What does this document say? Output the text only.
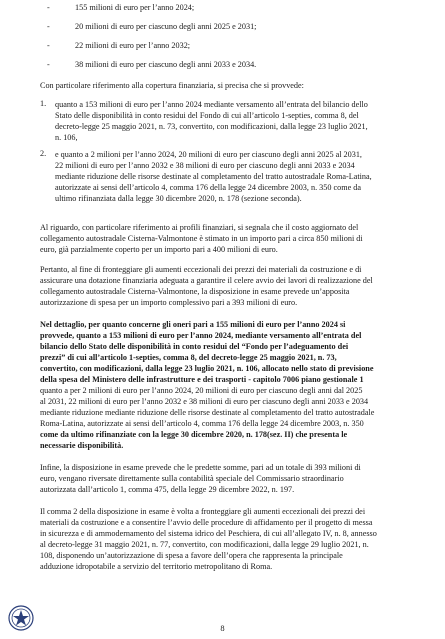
-	155 milioni di euro per l’anno 2024;
-	20 milioni di euro per ciascuno degli anni 2025 e 2031;
-	22 milioni di euro per l’anno 2032;
-	38 milioni di euro per ciascuno degli anni 2033 e 2034.
Con particolare riferimento alla copertura finanziaria, si precisa che si provvede:
1. quanto a 153 milioni di euro per l’anno 2024 mediante versamento all’entrata del bilancio dello
Stato delle disponibilità in conto residui del Fondo di cui all’articolo 1-septies, comma 8, del
decreto-legge 25 maggio 2021, n. 73, convertito, con modificazioni, dalla legge 23 luglio 2021,
n. 106,
2. e quanto a 2 milioni per l’anno 2024, 20 milioni di euro per ciascuno degli anni 2025 al 2031,
22 milioni di euro per l’anno 2032 e 38 milioni di euro per ciascuno degli anni 2033 e 2034
mediante riduzione delle risorse destinate al completamento del tratto autostradale Roma-Latina,
autorizzate ai sensi dell’articolo 4, comma 176 della legge 24 dicembre 2003, n. 350 come da
ultimo rifinanziata dalla legge 30 dicembre 2020, n. 178 (sezione seconda).
Al riguardo, con particolare riferimento ai profili finanziari, si segnala che il costo aggiornato del
collegamento autostradale Cisterna-Valmontone è stimato in un importo pari a circa 850 milioni di
euro, già parzialmente coperto per un importo pari a 400 milioni di euro.
Pertanto, al fine di fronteggiare gli aumenti eccezionali dei prezzi dei materiali da costruzione e di
assicurare una dotazione finanziaria adeguata a garantire il celere avvio dei lavori di realizzazione del
collegamento autostradale Cisterna-Valmontone, la disposizione in esame prevede un’apposita
autorizzazione di spesa per un importo complessivo pari a 393 milioni di euro.
Nel dettaglio, per quanto concerne gli oneri pari a 155 milioni di euro per l’anno 2024 si
provvede, quanto a 153 milioni di euro per l’anno 2024, mediante versamento all’entrata del
bilancio dello Stato delle disponibilità in conto residui del “Fondo per l’adeguamento dei
prezzi” di cui all’articolo 1-septies, comma 8, del decreto-legge 25 maggio 2021, n. 73,
convertito, con modificazioni, dalla legge 23 luglio 2021, n. 106, allocato nello stato di previsione
della spesa del Ministero delle infrastrutture e dei trasporti - capitolo 7006 piano gestionale 1
quanto a per 2 milioni di euro per l’anno 2024, 20 milioni di euro per ciascuno degli anni dal 2025
al 2031, 22 milioni di euro per l’anno 2032 e 38 milioni di euro per ciascuno degli anni 2033 e 2034
mediante riduzione mediante riduzione delle risorse destinate al completamento del tratto autostradale
Roma-Latina, autorizzate ai sensi dell’articolo 4, comma 176 della legge 24 dicembre 2003, n. 350
come da ultimo rifinanziate con la legge 30 dicembre 2020, n. 178(sez. II) che presenta le
necessarie disponibilità.
Infine, la disposizione in esame prevede che le predette somme, pari ad un totale di 393 milioni di
euro, vengano riversate direttamente sulla contabilità speciale del Commissario straordinario
autorizzata dall’articolo 1, comma 475, della legge 29 dicembre 2022, n. 197.
Il comma 2 della disposizione in esame è volta a fronteggiare gli aumenti eccezionali dei prezzi dei
materiali da costruzione e a consentire l’avvio delle procedure di affidamento per il progetto di messa
in sicurezza e di ammodernamento del sistema idrico del Peschiera, di cui all’allegato IV, n. 8, annesso
al decreto-legge 31 maggio 2021, n. 77, convertito, con modificazioni, dalla legge 29 luglio 2021, n.
108, disponendo un’autorizzazione di spesa a favore dell’opera che rappresenta la principale
adduzione idropotabile a servizio del territorio metropolitano di Roma.
8
